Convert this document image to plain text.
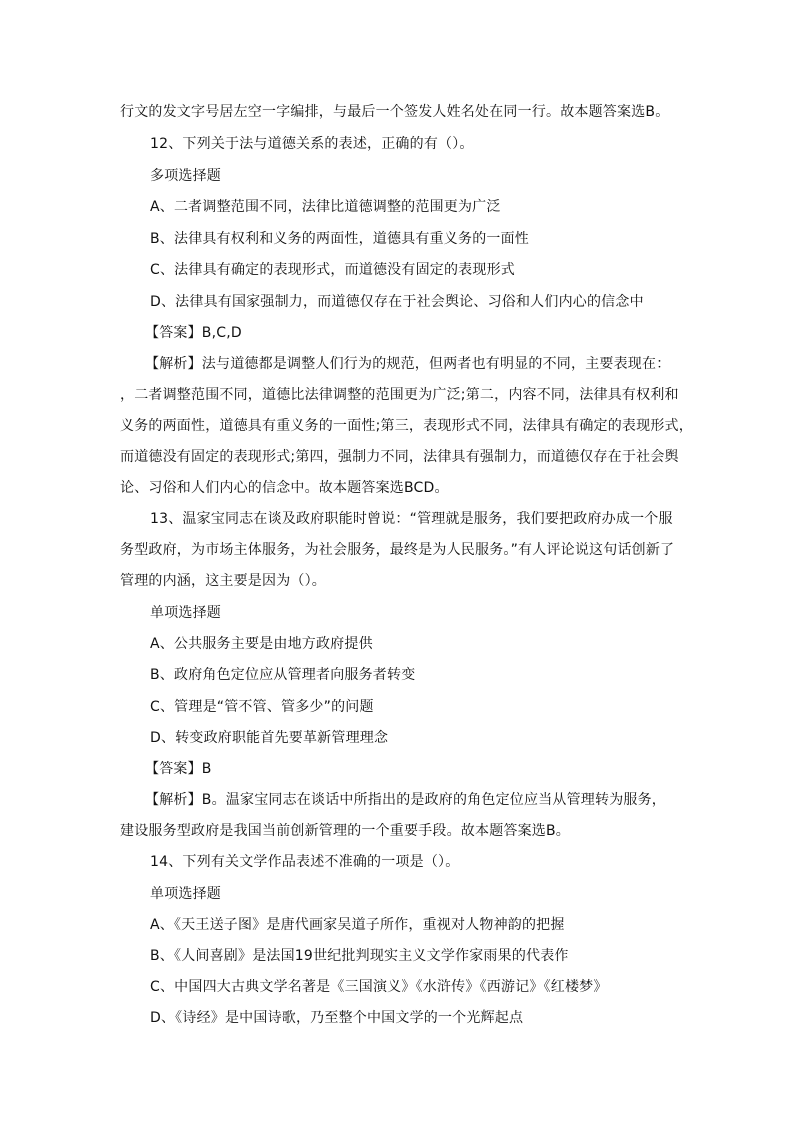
行文的发文字号居左空一字编排，与最后一个签发人姓名处在同一行。故本题答案选B。
12、下列关于法与道德关系的表述，正确的有（）。
多项选择题
A、二者调整范围不同，法律比道德调整的范围更为广泛
B、法律具有权利和义务的两面性，道德具有重义务的一面性
C、法律具有确定的表现形式，而道德没有固定的表现形式
D、法律具有国家强制力，而道德仅存在于社会舆论、习俗和人们内心的信念中
【答案】B,C,D
【解析】法与道德都是调整人们行为的规范，但两者也有明显的不同，主要表现在：
，二者调整范围不同，道德比法律调整的范围更为广泛;第二，内容不同，法律具有权利和
义务的两面性，道德具有重义务的一面性;第三，表现形式不同，法律具有确定的表现形式，
而道德没有固定的表现形式;第四，强制力不同，法律具有强制力，而道德仅存在于社会舆
论、习俗和人们内心的信念中。故本题答案选BCD。
13、温家宝同志在谈及政府职能时曾说：“管理就是服务，我们要把政府办成一个服
务型政府，为市场主体服务，为社会服务，最终是为人民服务。”有人评论说这句话创新了
管理的内涵，这主要是因为（）。
单项选择题
A、公共服务主要是由地方政府提供
B、政府角色定位应从管理者向服务者转变
C、管理是“管不管、管多少”的问题
D、转变政府职能首先要革新管理理念
【答案】B
【解析】B。温家宝同志在谈话中所指出的是政府的角色定位应当从管理转为服务，
建设服务型政府是我国当前创新管理的一个重要手段。故本题答案选B。
14、下列有关文学作品表述不准确的一项是（）。
单项选择题
A、《天王送子图》是唐代画家吴道子所作，重视对人物神韵的把握
B、《人间喜剧》是法国19世纪批判现实主义文学作家雨果的代表作
C、中国四大古典文学名著是《三国演义》《水浒传》《西游记》《红楼梦》
D、《诗经》是中国诗歌，乃至整个中国文学的一个光辉起点
